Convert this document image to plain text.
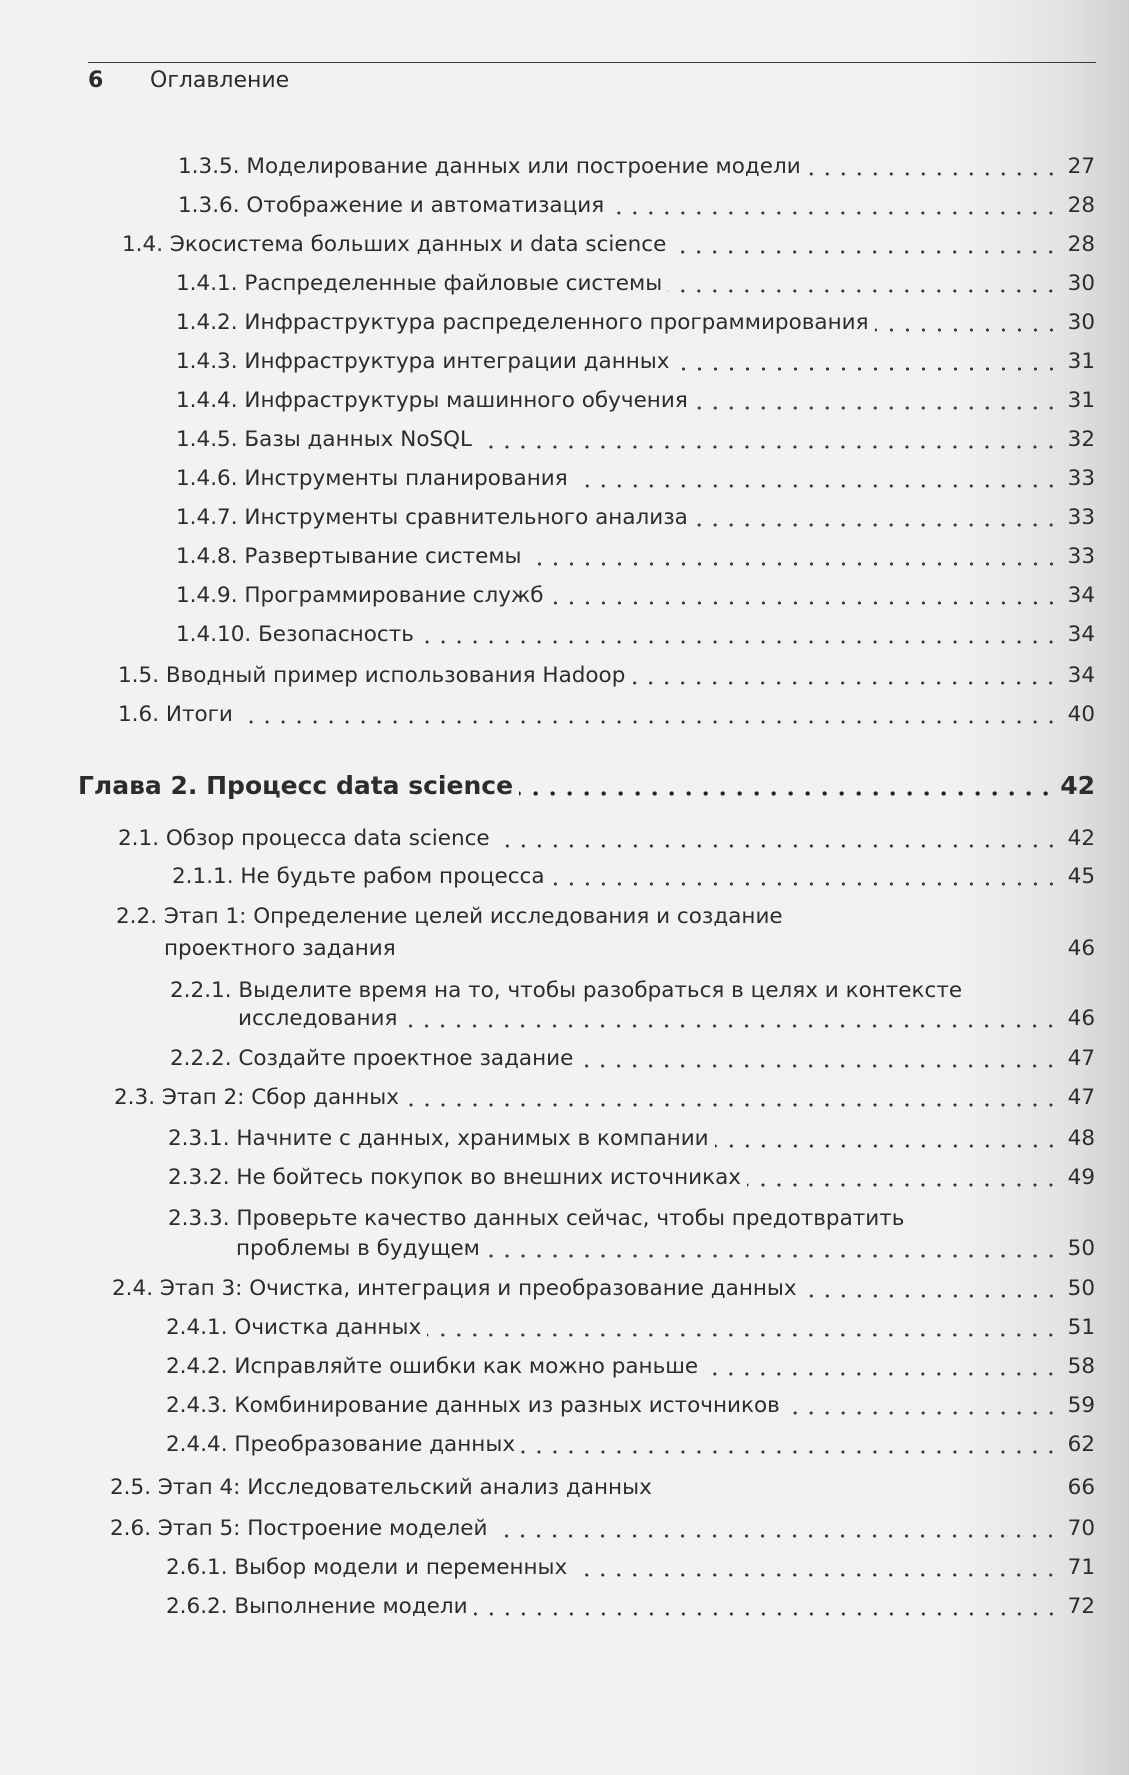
6 Оглавление
1.3.5. Моделирование данных или построение модели	27
1.3.6. Отображение и автоматизация	28
1.4. Экосистема больших данных и data science	28
1.4.1. Распределенные файловые системы	30
1.4.2. Инфраструктура распределенного программирования	30
1.4.3. Инфраструктура интеграции данных	31
1.4.4. Инфраструктуры машинного обучения	31
1.4.5. Базы данных NoSQL	32
1.4.6. Инструменты планирования	33
1.4.7. Инструменты сравнительного анализа	33
1.4.8. Развертывание системы	33
1.4.9. Программирование служб	34
1.4.10. Безопасность	34
1.5. Вводный пример использования Hadoop	34
1.6. Итоги	40
Глава 2. Процесс data science	42
2.1. Обзор процесса data science	42
2.1.1. Не будьте рабом процесса	45
2.2. Этап 1: Определение целей исследования и создание
проектного задания	46
2.2.1. Выделите время на то, чтобы разобраться в целях и контексте
исследования	46
2.2.2. Создайте проектное задание	47
2.3. Этап 2: Сбор данных	47
2.3.1. Начните с данных, хранимых в компании	48
2.3.2. Не бойтесь покупок во внешних источниках	49
2.3.3. Проверьте качество данных сейчас, чтобы предотвратить
проблемы в будущем	50
2.4. Этап 3: Очистка, интеграция и преобразование данных	50
2.4.1. Очистка данных	51
2.4.2. Исправляйте ошибки как можно раньше	58
2.4.3. Комбинирование данных из разных источников	59
2.4.4. Преобразование данных	62
2.5. Этап 4: Исследовательский анализ данных	66
2.6. Этап 5: Построение моделей	70
2.6.1. Выбор модели и переменных	71
2.6.2. Выполнение модели	72
